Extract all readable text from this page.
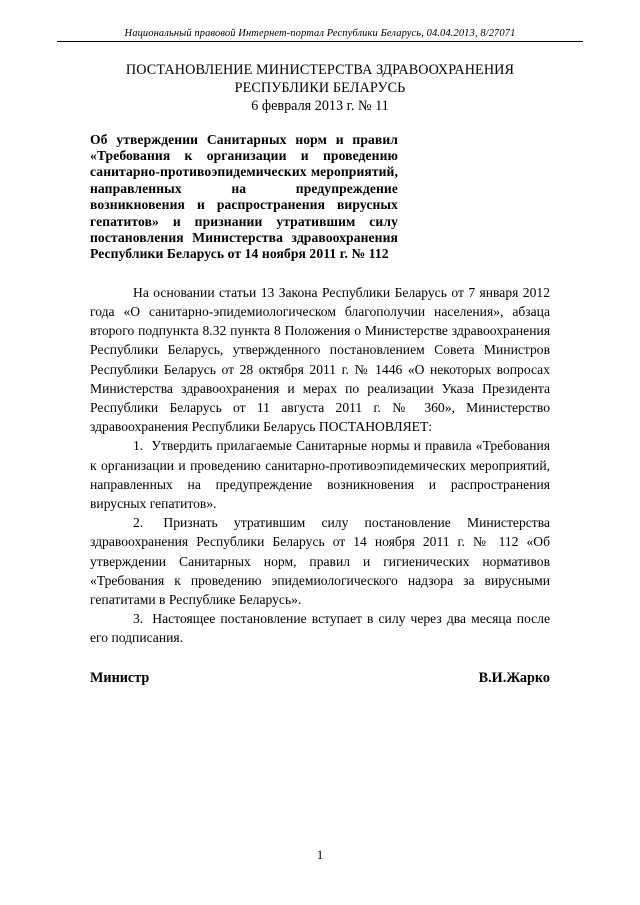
Национальный правовой Интернет-портал Республики Беларусь, 04.04.2013, 8/27071
ПОСТАНОВЛЕНИЕ МИНИСТЕРСТВА ЗДРАВООХРАНЕНИЯ
РЕСПУБЛИКИ БЕЛАРУСЬ
6 февраля 2013 г. № 11
Об утверждении Санитарных норм и правил «Требования к организации и проведению санитарно-противоэпидемических мероприятий, направленных на предупреждение возникновения и распространения вирусных гепатитов» и признании утратившим силу постановления Министерства здравоохранения Республики Беларусь от 14 ноября 2011 г. № 112

На основании статьи 13 Закона Республики Беларусь от 7 января 2012 года «О санитарно-эпидемиологическом благополучии населения», абзаца второго подпункта 8.32 пункта 8 Положения о Министерстве здравоохранения Республики Беларусь, утвержденного постановлением Совета Министров Республики Беларусь от 28 октября 2011 г. № 1446 «О некоторых вопросах Министерства здравоохранения и мерах по реализации Указа Президента Республики Беларусь от 11 августа 2011 г. № 360», Министерство здравоохранения Республики Беларусь ПОСТАНОВЛЯЕТ:

1. Утвердить прилагаемые Санитарные нормы и правила «Требования к организации и проведению санитарно-противоэпидемических мероприятий, направленных на предупреждение возникновения и распространения вирусных гепатитов».

2. Признать утратившим силу постановление Министерства здравоохранения Республики Беларусь от 14 ноября 2011 г. № 112 «Об утверждении Санитарных норм, правил и гигиенических нормативов «Требования к проведению эпидемиологического надзора за вирусными гепатитами в Республике Беларусь».

3. Настоящее постановление вступает в силу через два месяца после его подписания.

Министр	В.И.Жарко
1
